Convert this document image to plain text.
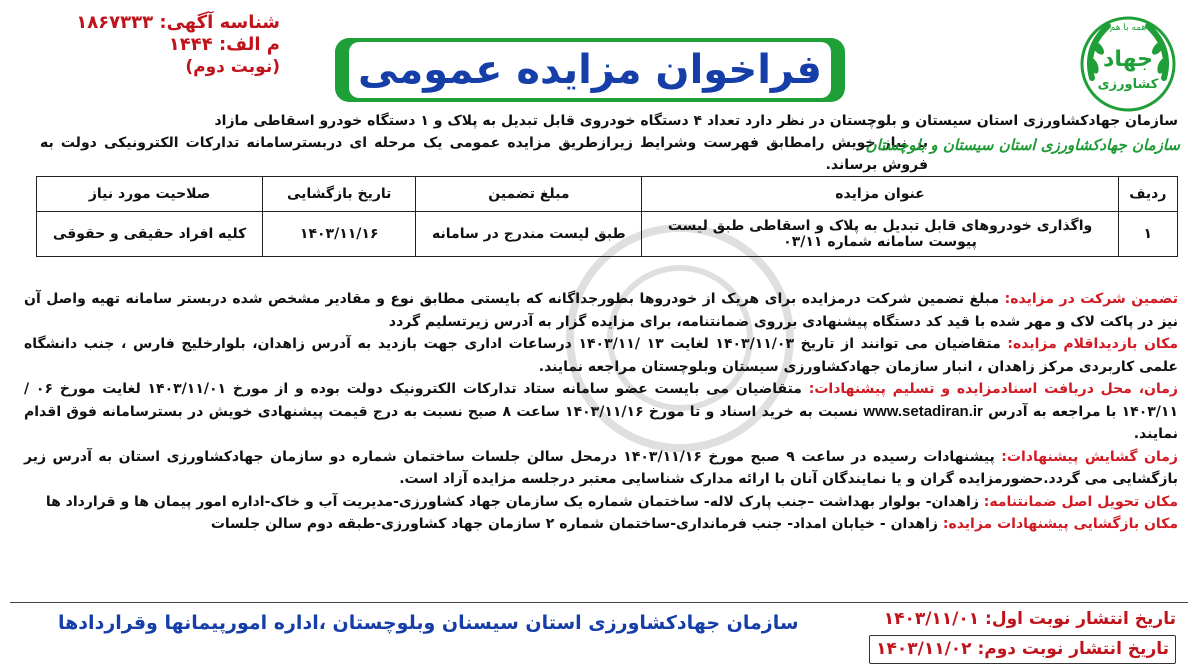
همه با هم
جهاد
کشاورزی
شناسه آگهی: ۱۸۶۷۳۳۳
م الف: ۱۴۴۴
(نوبت دوم) فراخوان مزایده عمومی
سازمان جهادکشاورزی استان سیستان و بلوچستان در نظر دارد تعداد ۴ دستگاه خودروی قابل تبدیل به پلاک و ۱ دستگاه خودرو اسقاطی مازاد
بر نیاز خویش رامطابق فهرست وشرایط زیرازطریق مزایده عمومی یک مرحله ای دربسترسامانه تدارکات الکترونیکی دولت به فروش برساند.
سازمان جهادکشاورزی استان سیستان و بلوچستان
ردیف	عنوان مزایده	مبلغ تضمین	تاریخ بازگشایی	صلاحیت مورد نیاز
۱	واگذاری خودروهای قابل تبدیل به پلاک و اسقاطی طبق لیست پیوست سامانه شماره ۰۳/۱۱	طبق لیست مندرج در سامانه	۱۴۰۳/۱۱/۱۶	کلیه افراد حقیقی و حقوقی

تضمین شرکت در مزایده: مبلغ تضمین شرکت درمزایده برای هریک از خودروها بطورجداگانه که بایستی مطابق نوع و مقادیر مشخص شده دربستر سامانه تهیه واصل آن نیز در پاکت لاک و مهر شده با قید کد دستگاه پیشنهادی برروی ضمانتنامه، برای مزایده گزار به آدرس زیرتسلیم گردد

مکان بازدیداقلام مزایده: متقاضیان می توانند از تاریخ ۱۴۰۳/۱۱/۰۳ لغایت ۱۳ /۱۴۰۳/۱۱ درساعات اداری جهت بازدید به آدرس زاهدان، بلوارخلیج فارس ، جنب دانشگاه علمی کاربردی مرکز زاهدان ، انبار سازمان جهادکشاورزی سیستان وبلوچستان مراجعه نمایند.

زمان، محل دریافت اسنادمزایده و تسلیم پیشنهادات: متقاضیان می بایست عضو سامانه ستاد تدارکات الکترونیک دولت بوده و از مورخ ۱۴۰۳/۱۱/۰۱ لغایت مورخ ۰۶ /۱۴۰۳/۱۱ با مراجعه به آدرس www.setadiran.ir نسبت به خرید اسناد و تا مورخ ۱۴۰۳/۱۱/۱۶ ساعت ۸ صبح نسبت به درج قیمت پیشنهادی خویش در بسترسامانه فوق اقدام نمایند.

زمان گشایش پیشنهادات: پیشنهادات رسیده در ساعت ۹ صبح مورخ ۱۴۰۳/۱۱/۱۶ درمحل سالن جلسات ساختمان شماره دو سازمان جهادکشاورزی استان به آدرس زیر بازگشایی می گردد.حضورمزایده گران و یا نمایندگان آنان با ارائه مدارک شناسایی معتبر درجلسه مزایده آزاد است.

مکان تحویل اصل ضمانتنامه: زاهدان- بولوار بهداشت –جنب پارک لاله- ساختمان شماره یک سازمان جهاد کشاورزی-مدیریت آب و خاک-اداره امور پیمان ها و قرارداد ها

مکان بازگشایی پیشنهادات مزایده: زاهدان - خیابان امداد- جنب فرمانداری-ساختمان شماره ۲ سازمان جهاد کشاورزی-طبقه دوم سالن جلسات

تاریخ انتشار نوبت اول: ۱۴۰۳/۱۱/۰۱
تاریخ انتشار نوبت دوم: ۱۴۰۳/۱۱/۰۲
سازمان جهادکشاورزی استان سیسنان وبلوچستان ،اداره امورپیمانها وقراردادها
